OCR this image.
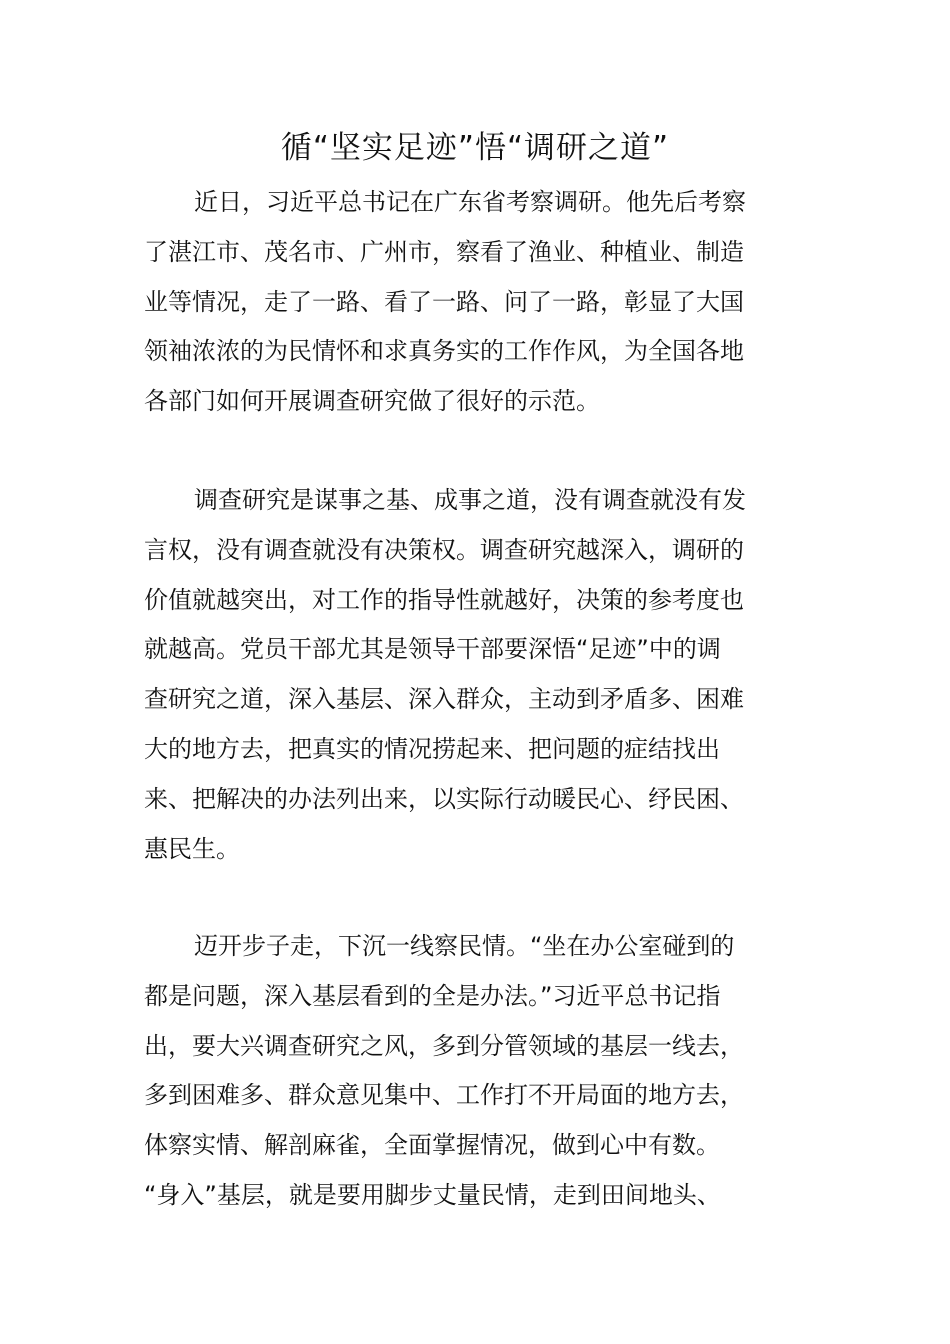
循“坚实足迹”悟“调研之道”
近日，习近平总书记在广东省考察调研。他先后考察
了湛江市、茂名市、广州市，察看了渔业、种植业、制造
业等情况，走了一路、看了一路、问了一路，彰显了大国
领袖浓浓的为民情怀和求真务实的工作作风，为全国各地
各部门如何开展调查研究做了很好的示范。
调查研究是谋事之基、成事之道，没有调查就没有发
言权，没有调查就没有决策权。调查研究越深入，调研的
价值就越突出，对工作的指导性就越好，决策的参考度也
就越高。党员干部尤其是领导干部要深悟“足迹”中的调
查研究之道，深入基层、深入群众，主动到矛盾多、困难
大的地方去，把真实的情况捞起来、把问题的症结找出
来、把解决的办法列出来，以实际行动暖民心、纾民困、
惠民生。
迈开步子走，下沉一线察民情。“坐在办公室碰到的
都是问题，深入基层看到的全是办法。”习近平总书记指
出，要大兴调查研究之风，多到分管领域的基层一线去，
多到困难多、群众意见集中、工作打不开局面的地方去，
体察实情、解剖麻雀，全面掌握情况，做到心中有数。
“身入”基层，就是要用脚步丈量民情，走到田间地头、
